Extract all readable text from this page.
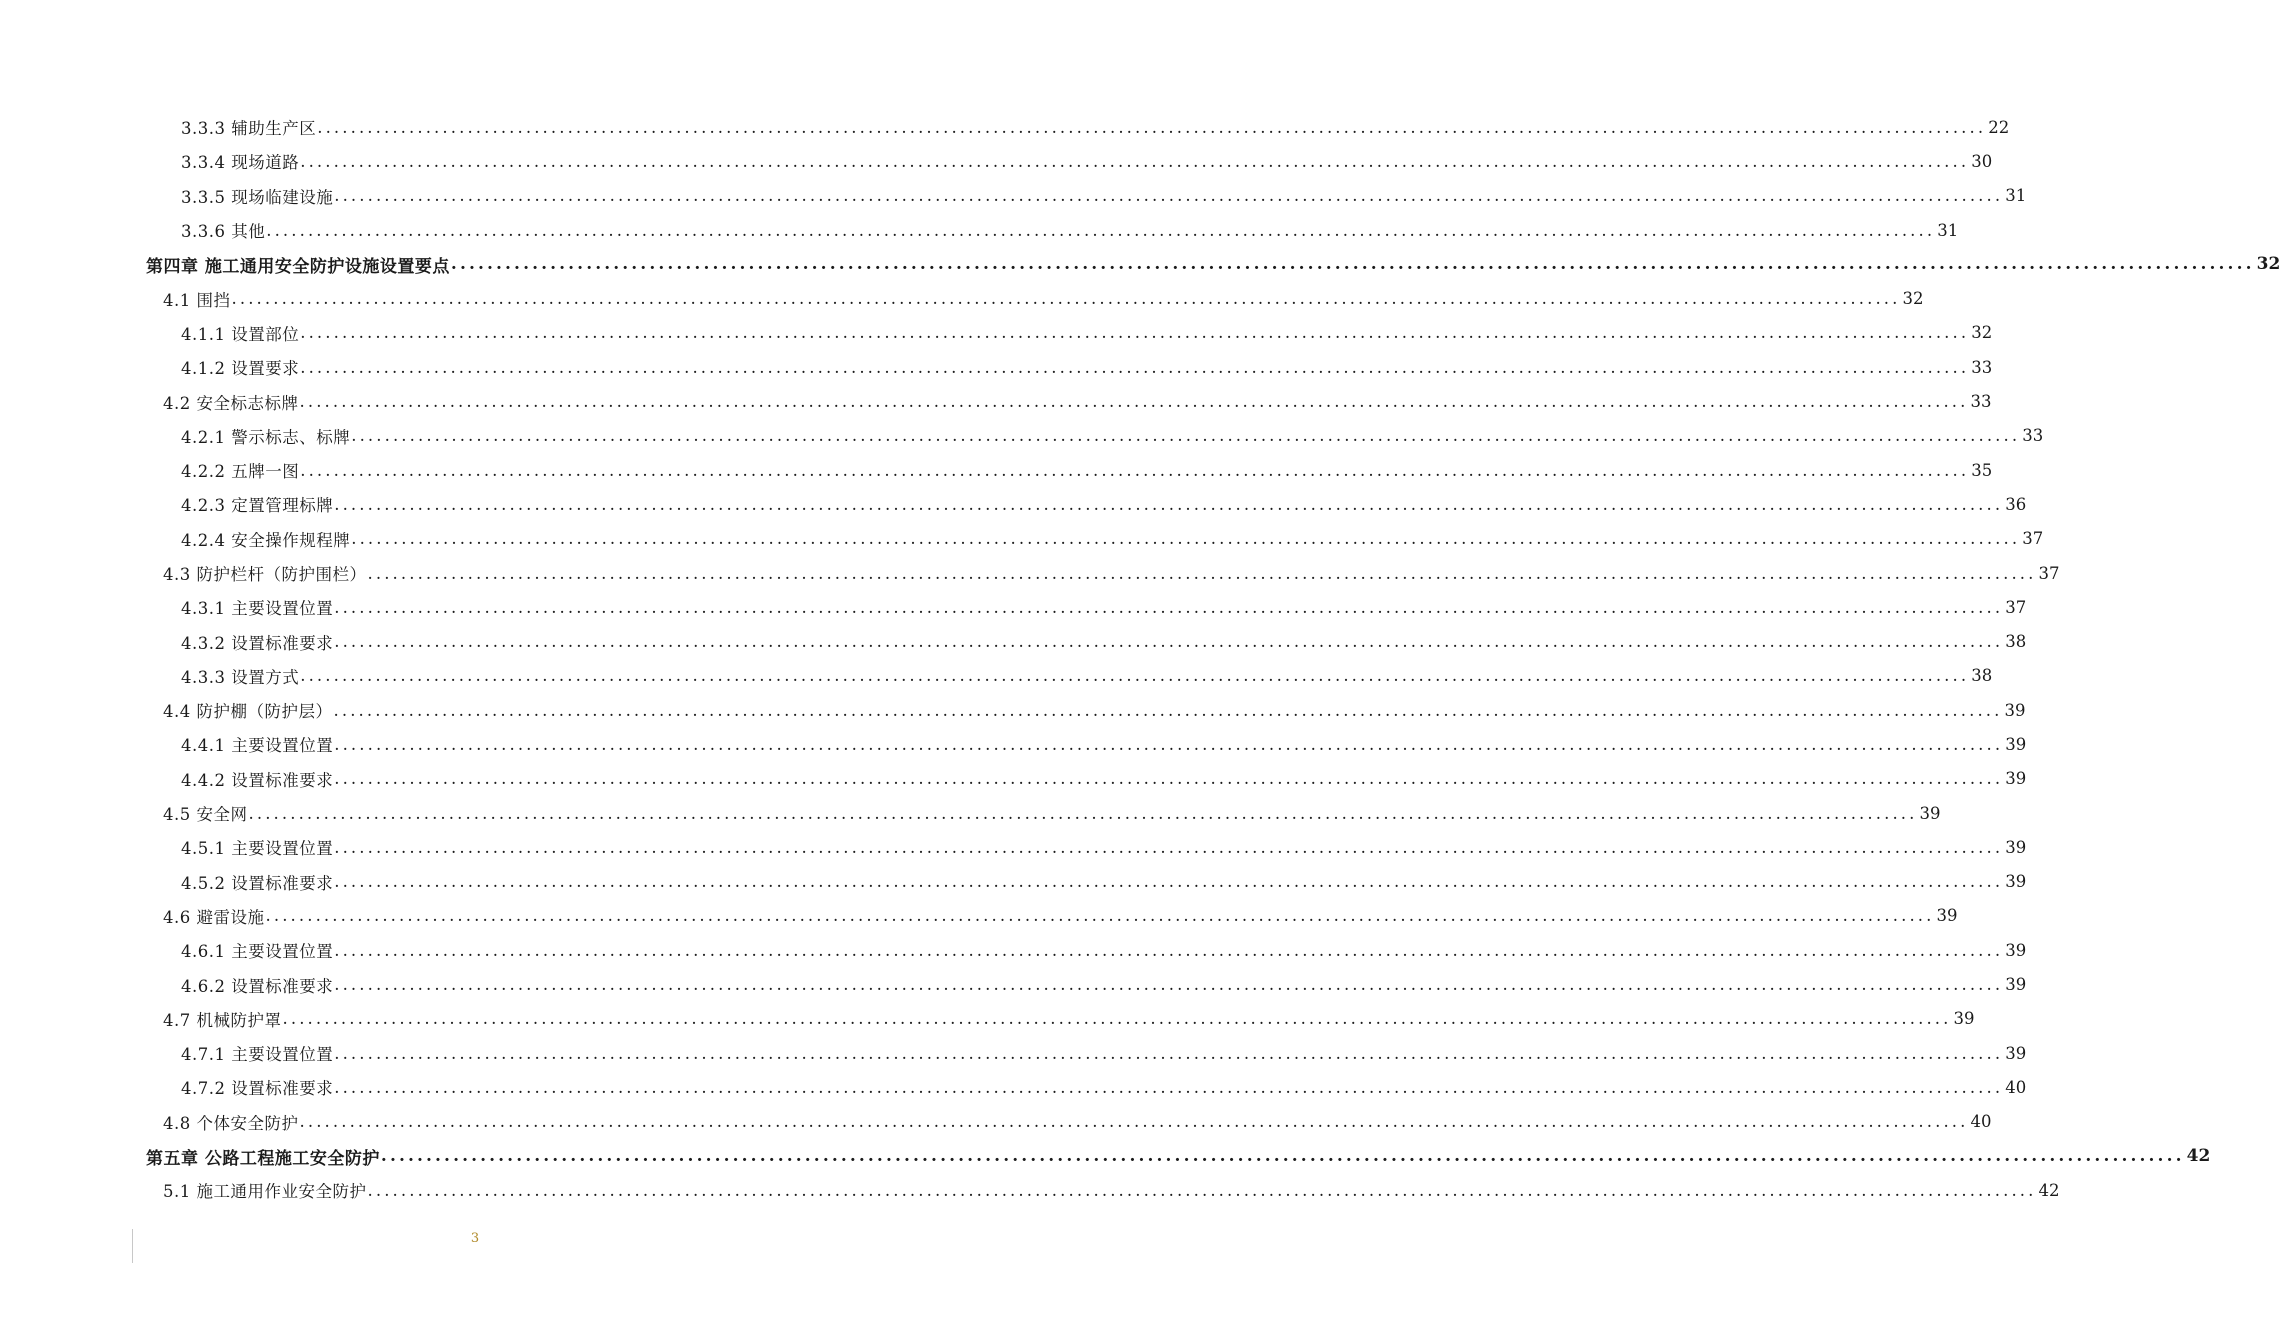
3.3.3 辅助生产区 ........................................................................................................................................................................................................ 22
3.3.4 现场道路 ........................................................................................................................................................................................................ 30
3.3.5 现场临建设施 ........................................................................................................................................................................................................ 31
3.3.6 其他 ........................................................................................................................................................................................................ 31
第四章 施工通用安全防护设施设置要点 ........................................................................................................................................................................................................ 32
4.1 围挡 ........................................................................................................................................................................................................ 32
4.1.1 设置部位 ........................................................................................................................................................................................................ 32
4.1.2 设置要求 ........................................................................................................................................................................................................ 33
4.2 安全标志标牌 ........................................................................................................................................................................................................ 33
4.2.1 警示标志、标牌 ........................................................................................................................................................................................................ 33
4.2.2 五牌一图 ........................................................................................................................................................................................................ 35
4.2.3 定置管理标牌 ........................................................................................................................................................................................................ 36
4.2.4 安全操作规程牌 ........................................................................................................................................................................................................ 37
4.3 防护栏杆（防护围栏） ........................................................................................................................................................................................................ 37
4.3.1 主要设置位置 ........................................................................................................................................................................................................ 37
4.3.2 设置标准要求 ........................................................................................................................................................................................................ 38
4.3.3 设置方式 ........................................................................................................................................................................................................ 38
4.4 防护棚（防护层） ........................................................................................................................................................................................................ 39
4.4.1 主要设置位置 ........................................................................................................................................................................................................ 39
4.4.2 设置标准要求 ........................................................................................................................................................................................................ 39
4.5 安全网 ........................................................................................................................................................................................................ 39
4.5.1 主要设置位置 ........................................................................................................................................................................................................ 39
4.5.2 设置标准要求 ........................................................................................................................................................................................................ 39
4.6 避雷设施 ........................................................................................................................................................................................................ 39
4.6.1 主要设置位置 ........................................................................................................................................................................................................ 39
4.6.2 设置标准要求 ........................................................................................................................................................................................................ 39
4.7 机械防护罩 ........................................................................................................................................................................................................ 39
4.7.1 主要设置位置 ........................................................................................................................................................................................................ 39
4.7.2 设置标准要求 ........................................................................................................................................................................................................ 40
4.8 个体安全防护 ........................................................................................................................................................................................................ 40
第五章 公路工程施工安全防护 ........................................................................................................................................................................................................ 42
5.1 施工通用作业安全防护 ........................................................................................................................................................................................................ 42
3
